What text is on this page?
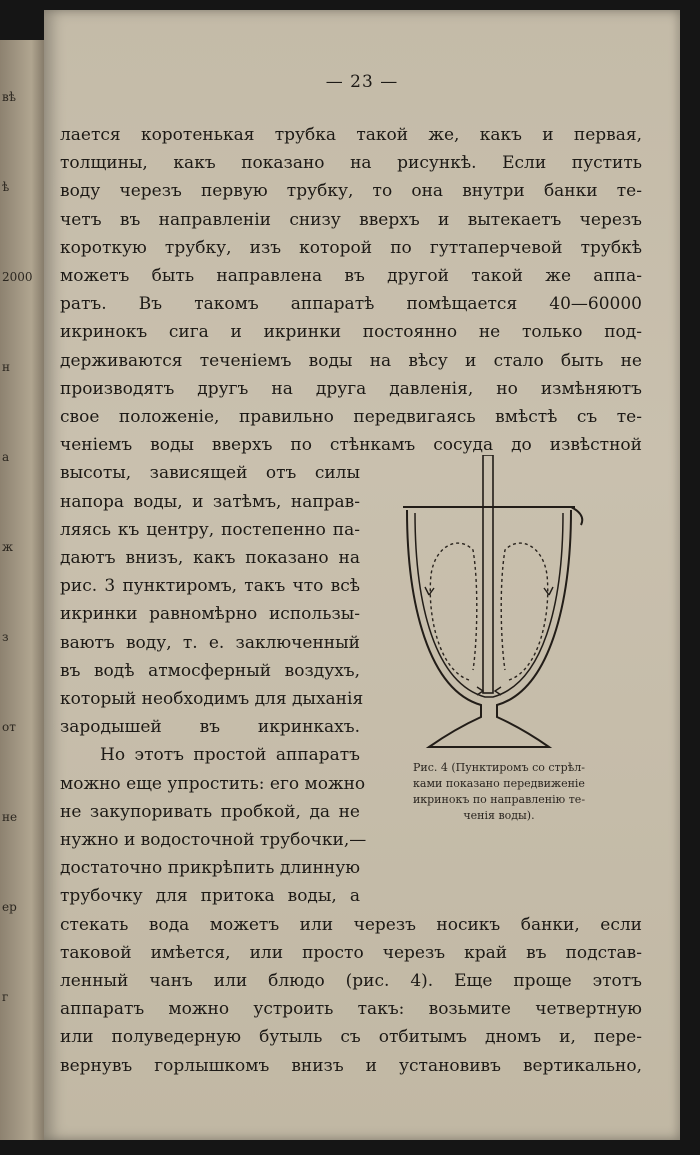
вѣ
ѣ
2000
н
а
ж
з
от
не
ер
г
— 23 —
лается коротенькая трубка такой же, какъ и первая,
толщины, какъ показано на рисункѣ. Если пустить
воду черезъ первую трубку, то она внутри банки те-
четъ въ направленіи снизу вверхъ и вытекаетъ черезъ
короткую трубку, изъ которой по гуттаперчевой трубкѣ
можетъ быть направлена въ другой такой же аппа-
ратъ. Въ такомъ аппаратѣ помѣщается 40—60000
икринокъ сига и икринки постоянно не только под-
держиваются теченіемъ воды на вѣсу и стало быть не
производятъ другъ на друга давленія, но измѣняютъ
свое положеніе, правильно передвигаясь вмѣстѣ съ те-
ченіемъ воды вверхъ по стѣнкамъ сосуда до извѣстной
высоты, зависящей отъ силы
напора воды, и затѣмъ, направ-
ляясь къ центру, постепенно па-
даютъ внизъ, какъ показано на
рис. 3 пунктиромъ, такъ что всѣ
икринки равномѣрно использы-
ваютъ воду, т. е. заключенный
въ водѣ атмосферный воздухъ,
который необходимъ для дыханія
зародышей въ икринкахъ.
Но этотъ простой аппаратъ
можно еще упростить: его можно
не закупоривать пробкой, да не
нужно и водосточной трубочки,—
достаточно прикрѣпить длинную
трубочку для притока воды, а
стекать вода можетъ или черезъ носикъ банки, если
таковой имѣется, или просто черезъ край въ подстав-
ленный чанъ или блюдо (рис. 4). Еще проще этотъ
аппаратъ можно устроить такъ: возьмите четвертную
или полуведерную бутыль съ отбитымъ дномъ и, пере-
вернувъ горлышкомъ внизъ и установивъ вертикально,
Рис. 4 (Пунктиромъ со стрѣл-
ками показано передвиженіе
икринокъ по направленію те-
ченія воды).
